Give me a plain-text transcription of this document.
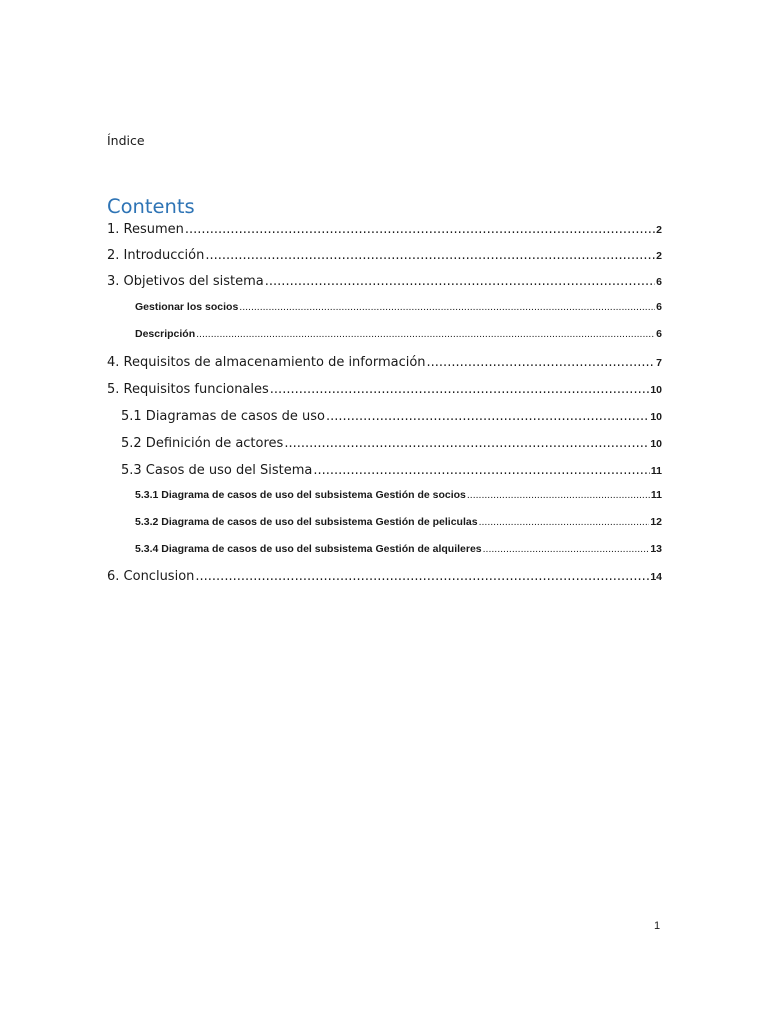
Índice
Contents
1. Resumen .....	2
2. Introducción .....	2
3. Objetivos del sistema .....	6
Gestionar los socios .....	6
Descripción .....	6
4. Requisitos de almacenamiento de información .....	7
5. Requisitos funcionales .....	10
5.1 Diagramas de casos de uso .....	10
5.2 Definición de actores .....	10
5.3 Casos de uso del Sistema .....	11
5.3.1 Diagrama de casos de uso del subsistema Gestión de socios .....	11
5.3.2 Diagrama de casos de uso del subsistema Gestión de peliculas .....	12
5.3.4 Diagrama de casos de uso del subsistema Gestión de alquileres .....	13
6. Conclusion .....	14
1
